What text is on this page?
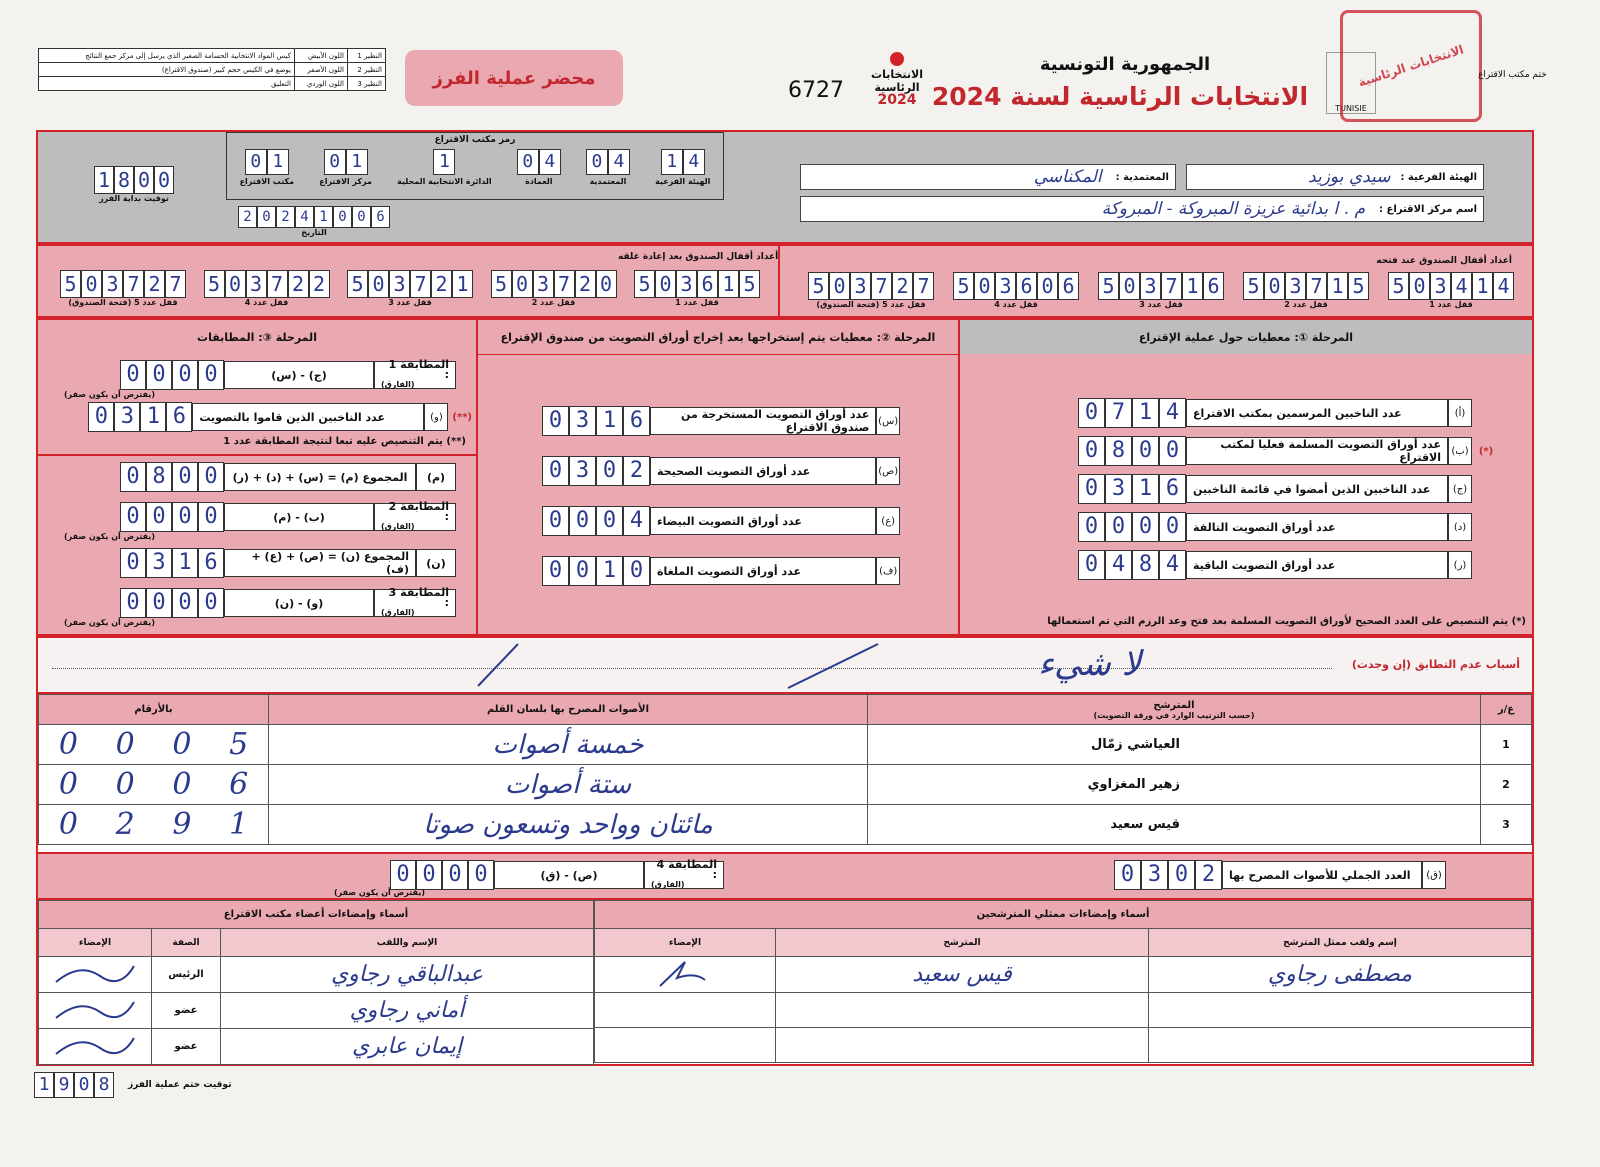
النظير 1	اللون الأبيض	كيس المواد الانتخابية الحسامة الصغير الذي يرسل إلى مركز جمع النتائج
النظير 2	اللون الأصفر	يوضع في الكيس حجم كبير (صندوق الاقتراع)
النظير 3	اللون الوردي	التعليق	محضر عملية الفرز	6727
الانتخابات
الرئاسية
2024
الجمهورية التونسية
الانتخابات الرئاسية لسنة 2024	TUNISIE
الانتخابات الرئاسية ختم مكتب الاقتراع
الهيئة الفرعية :
سيدي بوزيد
المعتمدية :
المكناسي
اسم مركز الاقتراع :
م . ا بدائية عزيزة المبروكة - المبروكة
رمز مكتب الاقتراع
1 4
الهيئة الفرعية
0 4
المعتمدية
0 4
العمادة
1
الدائرة الانتخابية المحلية
0 1
مركز الاقتراع
0 1
مكتب الاقتراع
2 0 2 4 1 0 0 6
التاريخ
1 8 0 0
توقيت بداية الفرز
أعداد أقفال الصندوق عند فتحه
أعداد أقفال الصندوق بعد إعادة غلقه
5 0 3 6 1 5
قفل عدد 1
5 0 3 7 2 0
قفل عدد 2
5 0 3 7 2 1
قفل عدد 3
5 0 3 7 2 2
قفل عدد 4
5 0 3 7 2 7
قفل عدد 5 (فتحة الصندوق)
5 0 3 4 1 4
قفل عدد 1
5 0 3 7 1 5
قفل عدد 2
5 0 3 7 1 6
قفل عدد 3
5 0 3 6 0 6
قفل عدد 4
5 0 3 7 2 7
قفل عدد 5 (فتحة الصندوق)
المرحلة ①: معطيات حول عملية الإقتراع
(أ)
عدد الناخبين المرسمين بمكتب الاقتراع
0 7 1 4
(*)
(ب)
عدد أوراق التصويت المسلمة فعليا لمكتب الاقتراع
0 8 0 0
(ج)
عدد الناخبين الذين أمضوا في قائمة الناخبين
0 3 1 6
(د)
عدد أوراق التصويت التالفة
0 0 0 0
(ر)
عدد أوراق التصويت الباقية
0 4 8 4
(*) يتم التنصيص على العدد الصحيح لأوراق التصويت المسلمة بعد فتح وعد الرزم التي تم استعمالها
المرحلة ②: معطيات يتم إستخراجها بعد إخراج أوراق التصويت من صندوق الإقتراع
(س)
عدد أوراق التصويت المستخرجة من صندوق الاقتراع
0 3 1 6
(ص)
عدد أوراق التصويت الصحيحة
0 3 0 2
(ع)
عدد أوراق التصويت البيضاء
0 0 0 4
(ف)
عدد أوراق التصويت الملغاة
0 0 1 0
المرحلة ③: المطابقات
المطابقة 1 :
(الفارق)
(ج) - (س)
0 0 0 0
(يفترض أن يكون صفر)
(**)
(و)
عدد الناخبين الذين قاموا بالتصويت
0 3 1 6
(**) يتم التنصيص عليه تبعا لنتيجة المطابقة عدد 1
(م)
المجموع (م) = (س) + (د) + (ر)
0 8 0 0
المطابقة 2 :
(الفارق)
(ب) - (م)
0 0 0 0
(يفترض أن يكون صفر)
(ن)
المجموع (ن) = (ص) + (ع) + (ف)
0 3 1 6
المطابقة 3 :
(الفارق)
(و) - (ن)
0 0 0 0
(يفترض أن يكون صفر)
أسباب عدم التطابق (إن وجدت)
لا شيء
ع/ر	المترشح
(حسب الترتيب الوارد في ورقة التصويت)	الأصوات المصرح بها بلسان القلم	بالأرقام
1	العياشي زمّال	خمسة أصوات	0 0 0 5

2	زهير المغزاوي	ستة أصوات	0 0 0 6

3	قيس سعيد	مائتان وواحد وتسعون صوتا	0 2 9 1
(ق)
العدد الجملي للأصوات المصرح بها
0 3 0 2
المطابقة 4 :
(الفارق)
(ص) - (ق)
0 0 0 0
(يفترض أن يكون صفر)
أسماء وإمضاءات ممثلي المترشحين		
إسم ولقب ممثل المترشح	المترشح	الإمضاء
مصطفى رجاوي	قيس سعيد	

أسماء وإمضاءات أعضاء مكتب الاقتراع		
الإسم واللقب	الصفة	الإمضاء
عبدالباقي رجاوي	الرئيس	
أماني رجاوي	عضو	
إيمان عابري	عضو	
1 9 0 8	توقيت ختم عملية الفرز
